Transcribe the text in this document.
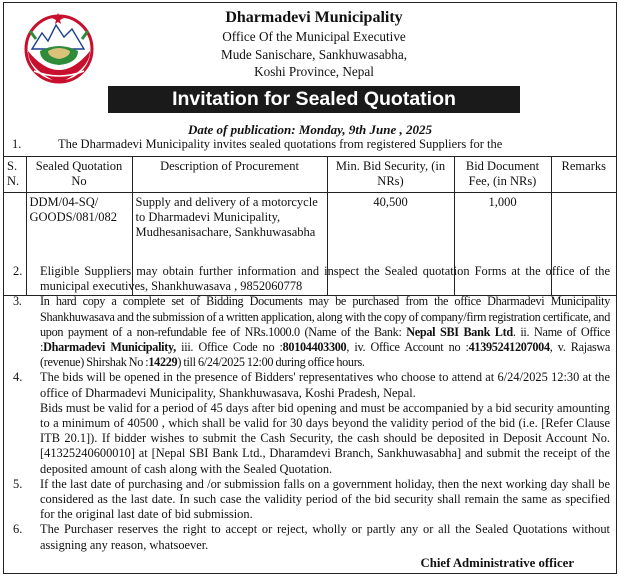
Dharmadevi Municipality
Office Of the Municipal Executive
Mude Sanischare, Sankhuwasabha,
Koshi Province, Nepal
Invitation for Sealed Quotation
Date of publication: Monday, 9th June , 2025
1.	The Dharmadevi Municipality invites sealed quotations from registered Suppliers for the
S. N.	Sealed Quotation No	Description of Procurement	Min. Bid Security, (in NRs)	Bid Document Fee, (in NRs)	Remarks
	DDM/04-SQ/ GOODS/081/082	Supply and delivery of a motorcycle to Dharmadevi Municipality, Mudhesanisachare, Sankhuwasabha	40,500	1,000	
2. Eligible Suppliers may obtain further information and inspect the Sealed quotation Forms at the office of the municipal executives, Shankhuwasava , 9852060778
3. In hard copy a complete set of Bidding Documents may be purchased from the office Dharmadevi Municipality Shankhuwasava and the submission of a written application, along with the copy of company/firm registration certificate, and upon payment of a non-refundable fee of NRs.1000.0 (Name of the Bank: Nepal SBI Bank Ltd. ii. Name of Office :Dharmadevi Municipality, iii. Office Code no :80104403300, iv. Office Account no :41395241207004, v. Rajaswa (revenue) Shirshak No :14229) till 6/24/2025 12:00 during office hours.
4. The bids will be opened in the presence of Bidders' representatives who choose to attend at 6/24/2025 12:30 at the office of Dharmadevi Municipality, Shankhuwasava, Koshi Pradesh, Nepal.
Bids must be valid for a period of 45 days after bid opening and must be accompanied by a bid security amounting to a minimum of 40500 , which shall be valid for 30 days beyond the validity period of the bid (i.e. [Refer Clause ITB 20.1]). If bidder wishes to submit the Cash Security, the cash should be deposited in Deposit Account No. [41325240600010] at [Nepal SBI Bank Ltd., Dharamdevi Branch, Sankhuwasabha] and submit the receipt of the deposited amount of cash along with the Sealed Quotation.
5. If the last date of purchasing and /or submission falls on a government holiday, then the next working day shall be considered as the last date. In such case the validity period of the bid security shall remain the same as specified for the original last date of bid submission.
6. The Purchaser reserves the right to accept or reject, wholly or partly any or all the Sealed Quotations without assigning any reason, whatsoever.
Chief Administrative officer
